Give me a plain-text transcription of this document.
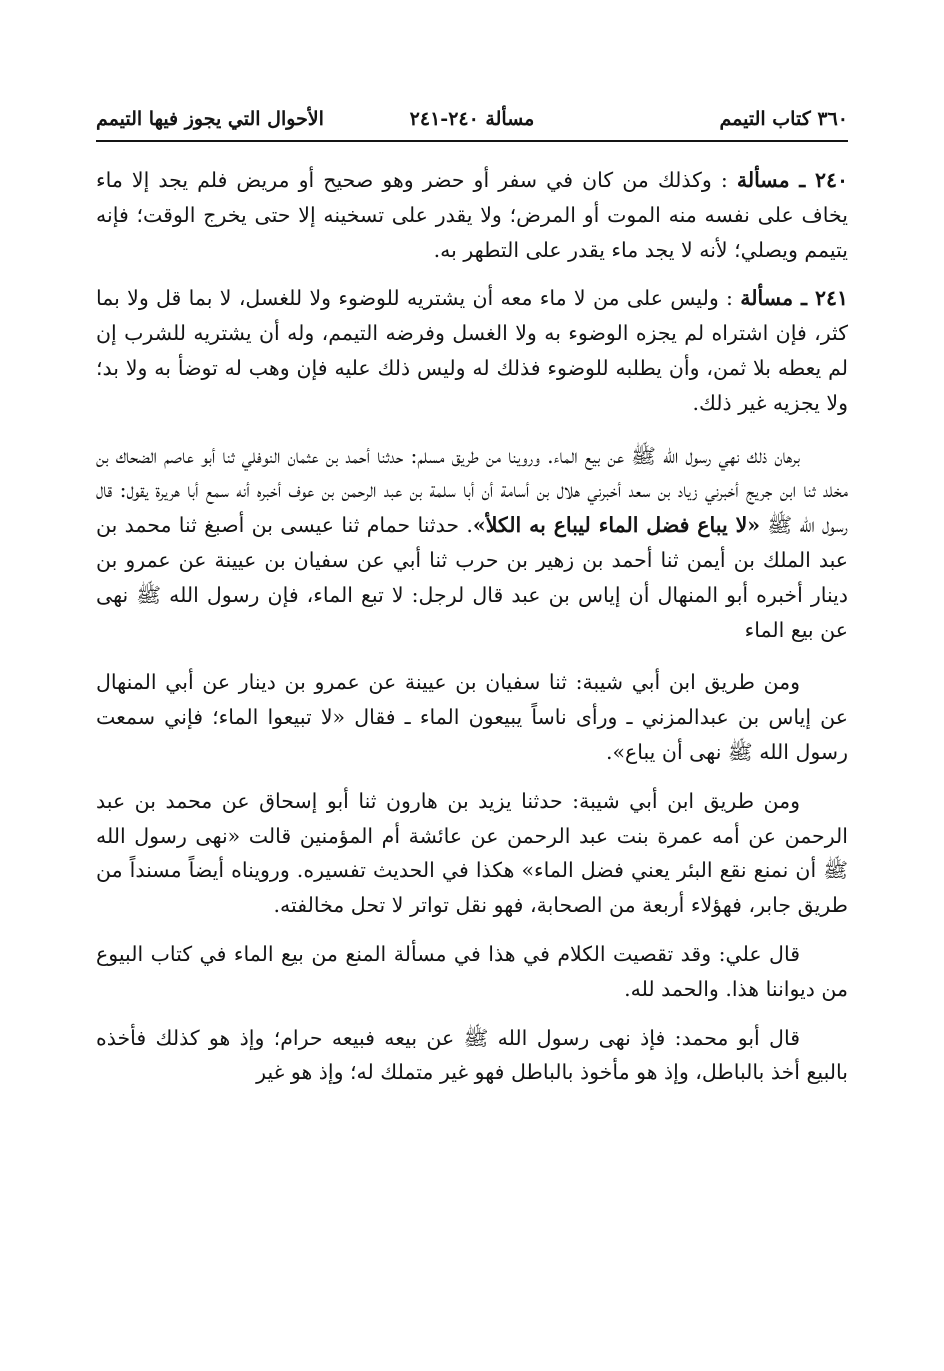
٣٦٠ كتاب التيمم
مسألة ٢٤٠-٢٤١
الأحوال التي يجوز فيها التيمم

٢٤٠ ـ مسألة : وكذلك من كان في سفر أو حضر وهو صحيح أو مريض فلم يجد إلا ماء يخاف على نفسه منه الموت أو المرض؛ ولا يقدر على تسخينه إلا حتى يخرج الوقت؛ فإنه يتيمم ويصلي؛ لأنه لا يجد ماء يقدر على التطهر به.

٢٤١ ـ مسألة : وليس على من لا ماء معه أن يشتريه للوضوء ولا للغسل، لا بما قل ولا بما كثر، فإن اشتراه لم يجزه الوضوء به ولا الغسل وفرضه التيمم، وله أن يشتريه للشرب إن لم يعطه بلا ثمن، وأن يطلبه للوضوء فذلك له وليس ذلك عليه فإن وهب له توضأ به ولا بد؛ ولا يجزيه غير ذلك.

برهان ذلك نهي رسول الله ﷺ عن بيع الماء. وروينا من طريق مسلم: حدثنا أحمد بن عثمان النوفلي ثنا أبو عاصم الضحاك بن مخلد ثنا ابن جريج أخبرني زياد بن سعد أخبرني هلال بن أسامة أن أبا سلمة بن عبد الرحمن بن عوف أخبره أنه سمع أبا هريرة يقول: قال رسول الله ﷺ «لا يباع فضل الماء ليباع به الكلأ». حدثنا حمام ثنا عيسى بن أصبغ ثنا محمد بن عبد الملك بن أيمن ثنا أحمد بن زهير بن حرب ثنا أبي عن سفيان بن عيينة عن عمرو بن دينار أخبره أبو المنهال أن إياس بن عبد قال لرجل: لا تبع الماء، فإن رسول الله ﷺ نهى عن بيع الماء

ومن طريق ابن أبي شيبة: ثنا سفيان بن عيينة عن عمرو بن دينار عن أبي المنهال عن إياس بن عبدالمزني ـ ورأى ناساً يبيعون الماء ـ فقال «لا تبيعوا الماء؛ فإني سمعت رسول الله ﷺ نهى أن يباع».

ومن طريق ابن أبي شيبة: حدثنا يزيد بن هارون ثنا أبو إسحاق عن محمد بن عبد الرحمن عن أمه عمرة بنت عبد الرحمن عن عائشة أم المؤمنين قالت «نهى رسول الله ﷺ أن نمنع نقع البئر يعني فضل الماء» هكذا في الحديث تفسيره. ورويناه أيضاً مسنداً من طريق جابر، فهؤلاء أربعة من الصحابة، فهو نقل تواتر لا تحل مخالفته.

قال علي: وقد تقصيت الكلام في هذا في مسألة المنع من بيع الماء في كتاب البيوع من ديواننا هذا. والحمد لله.

قال أبو محمد: فإذ نهى رسول الله ﷺ عن بيعه فبيعه حرام؛ وإذ هو كذلك فأخذه بالبيع أخذ بالباطل، وإذ هو مأخوذ بالباطل فهو غير متملك له؛ وإذ هو غير
